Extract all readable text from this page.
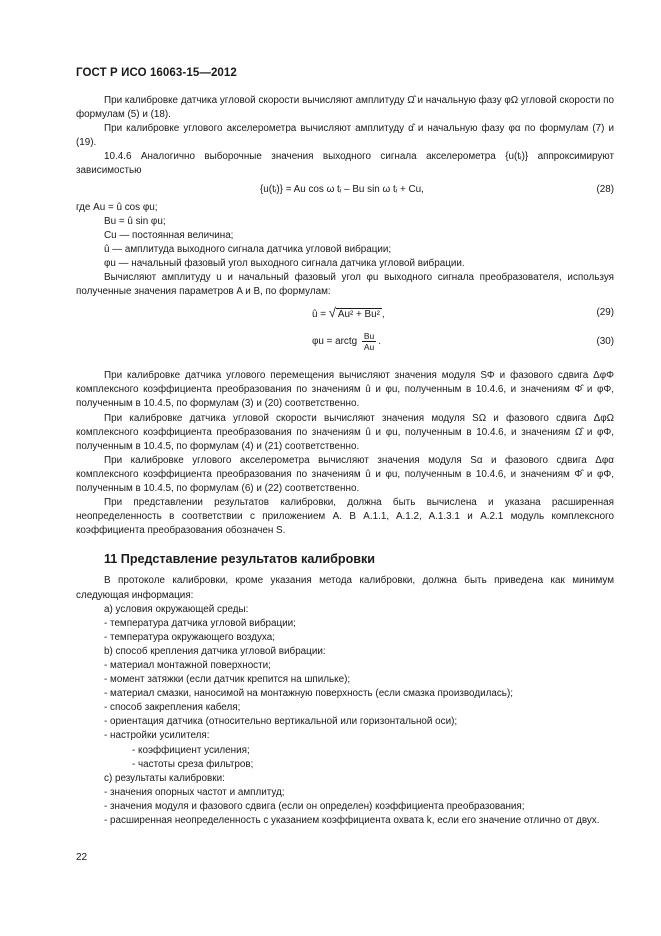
ГОСТ Р ИСО 16063-15—2012

При калибровке датчика угловой скорости вычисляют амплитуду Ω̂ и начальную фазу φΩ угловой скорости по формулам (5) и (18).

При калибровке углового акселерометра вычисляют амплитуду α̂ и начальную фазу φα по формулам (7) и (19).

10.4.6 Аналогично выборочные значения выходного сигнала акселерометра {u(tᵢ)} аппроксимируют зависимостью

{u(tᵢ)} = Au cos ω tᵢ – Bu sin ω tᵢ + Cu,	(28)

где Au = û cos φu;

Bu = û sin φu;

Cu — постоянная величина;

û — амплитуда выходного сигнала датчика угловой вибрации;

φu — начальный фазовый угол выходного сигнала датчика угловой вибрации.

Вычисляют амплитуду u и начальный фазовый угол φu выходного сигнала преобразователя, используя полученные значения параметров A и B, по формулам:

û = √ Au² + Bu² ,	(29)
φu = arctg $\frac{Bu}{Au}$ .	(30)

При калибровке датчика углового перемещения вычисляют значения модуля SΦ и фазового сдвига ΔφΦ комплексного коэффициента преобразования по значениям û и φu, полученным в 10.4.6, и значениям Φ̂ и φΦ, полученным в 10.4.5, по формулам (3) и (20) соответственно.

При калибровке датчика угловой скорости вычисляют значения модуля SΩ и фазового сдвига ΔφΩ комплексного коэффициента преобразования по значениям û и φu, полученным в 10.4.6, и значениям Ω̂ и φΦ, полученным в 10.4.5, по формулам (4) и (21) соответственно.

При калибровке углового акселерометра вычисляют значения модуля Sα и фазового сдвига Δφα комплексного коэффициента преобразования по значениям û и φu, полученным в 10.4.6, и значениям Φ̂ и φΦ, полученным в 10.4.5, по формулам (6) и (22) соответственно.

При представлении результатов калибровки, должна быть вычислена и указана расширенная неопределенность в соответствии с приложением A. В A.1.1, A.1.2, A.1.3.1 и A.2.1 модуль комплексного коэффициента преобразования обозначен S.

11 Представление результатов калибровки

В протоколе калибровки, кроме указания метода калибровки, должна быть приведена как минимум следующая информация:

а) условия окружающей среды:

- температура датчика угловой вибрации;

- температура окружающего воздуха;

b) способ крепления датчика угловой вибрации:

- материал монтажной поверхности;

- момент затяжки (если датчик крепится на шпильке);

- материал смазки, наносимой на монтажную поверхность (если смазка производилась);

- способ закрепления кабеля;

- ориентация датчика (относительно вертикальной или горизонтальной оси);

- настройки усилителя:

- коэффициент усиления;

- частоты среза фильтров;

c) результаты калибровки:

- значения опорных частот и амплитуд;

- значения модуля и фазового сдвига (если он определен) коэффициента преобразования;

- расширенная неопределенность с указанием коэффициента охвата k, если его значение отлично от двух.

22
